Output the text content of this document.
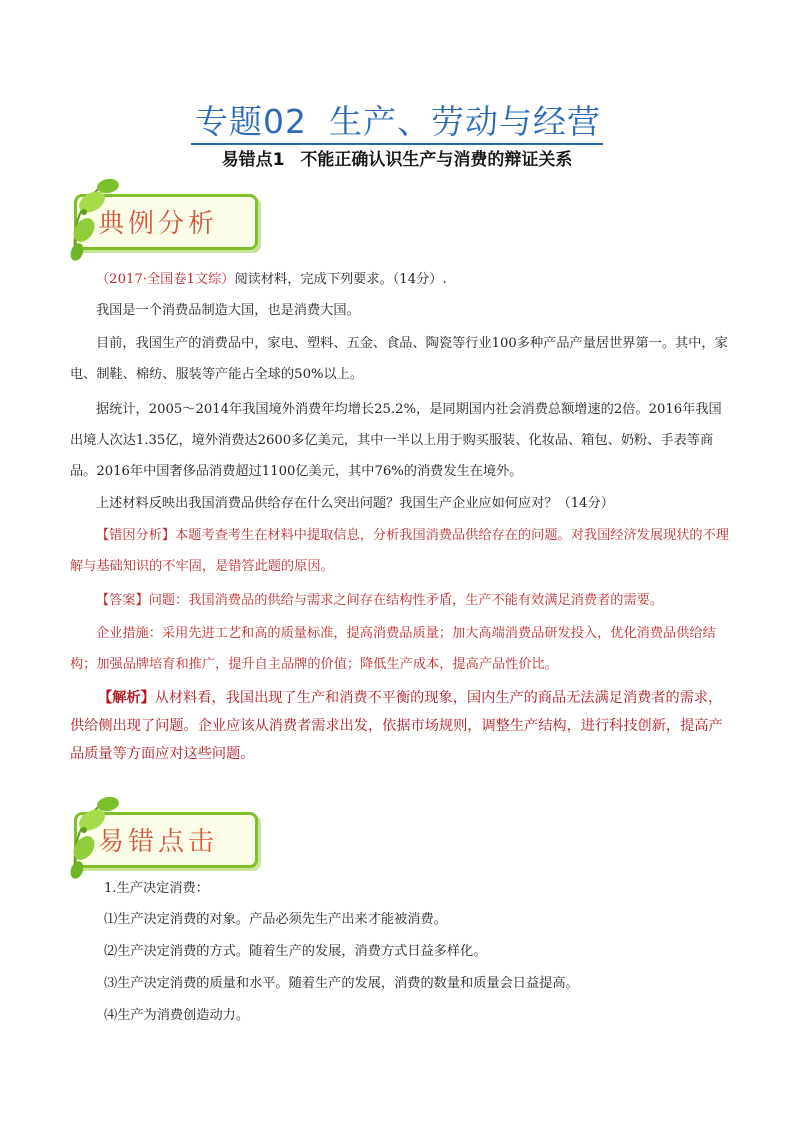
专题02 生产、劳动与经营
易错点1 不能正确认识生产与消费的辩证关系
典例分析
（2017·全国卷1文综）阅读材料，完成下列要求。（14分）.
我国是一个消费品制造大国，也是消费大国。
目前，我国生产的消费品中，家电、塑料、五金、食品、陶瓷等行业100多种产品产量居世界第一。其中，家电、制鞋、棉纺、服装等产能占全球的50%以上。
据统计，2005～2014年我国境外消费年均增长25.2%，是同期国内社会消费总额增速的2倍。2016年我国出境人次达1.35亿，境外消费达2600多亿美元，其中一半以上用于购买服装、化妆品、箱包、奶粉、手表等商品。2016年中国奢侈品消费超过1100亿美元，其中76%的消费发生在境外。
上述材料反映出我国消费品供给存在什么突出问题？我国生产企业应如何应对？（14分）
【错因分析】本题考查考生在材料中提取信息，分析我国消费品供给存在的问题。对我国经济发展现状的不理解与基础知识的不牢固，是错答此题的原因。
【答案】问题：我国消费品的供给与需求之间存在结构性矛盾，生产不能有效满足消费者的需要。
企业措施：采用先进工艺和高的质量标准，提高消费品质量；加大高端消费品研发投入，优化消费品供给结构；加强品牌培育和推广，提升自主品牌的价值；降低生产成本，提高产品性价比。
【解析】从材料看，我国出现了生产和消费不平衡的现象，国内生产的商品无法满足消费者的需求，供给侧出现了问题。企业应该从消费者需求出发，依据市场规则，调整生产结构，进行科技创新，提高产品质量等方面应对这些问题。
易错点击
1.生产决定消费：
⑴生产决定消费的对象。产品必须先生产出来才能被消费。
⑵生产决定消费的方式。随着生产的发展，消费方式日益多样化。
⑶生产决定消费的质量和水平。随着生产的发展，消费的数量和质量会日益提高。
⑷生产为消费创造动力。
